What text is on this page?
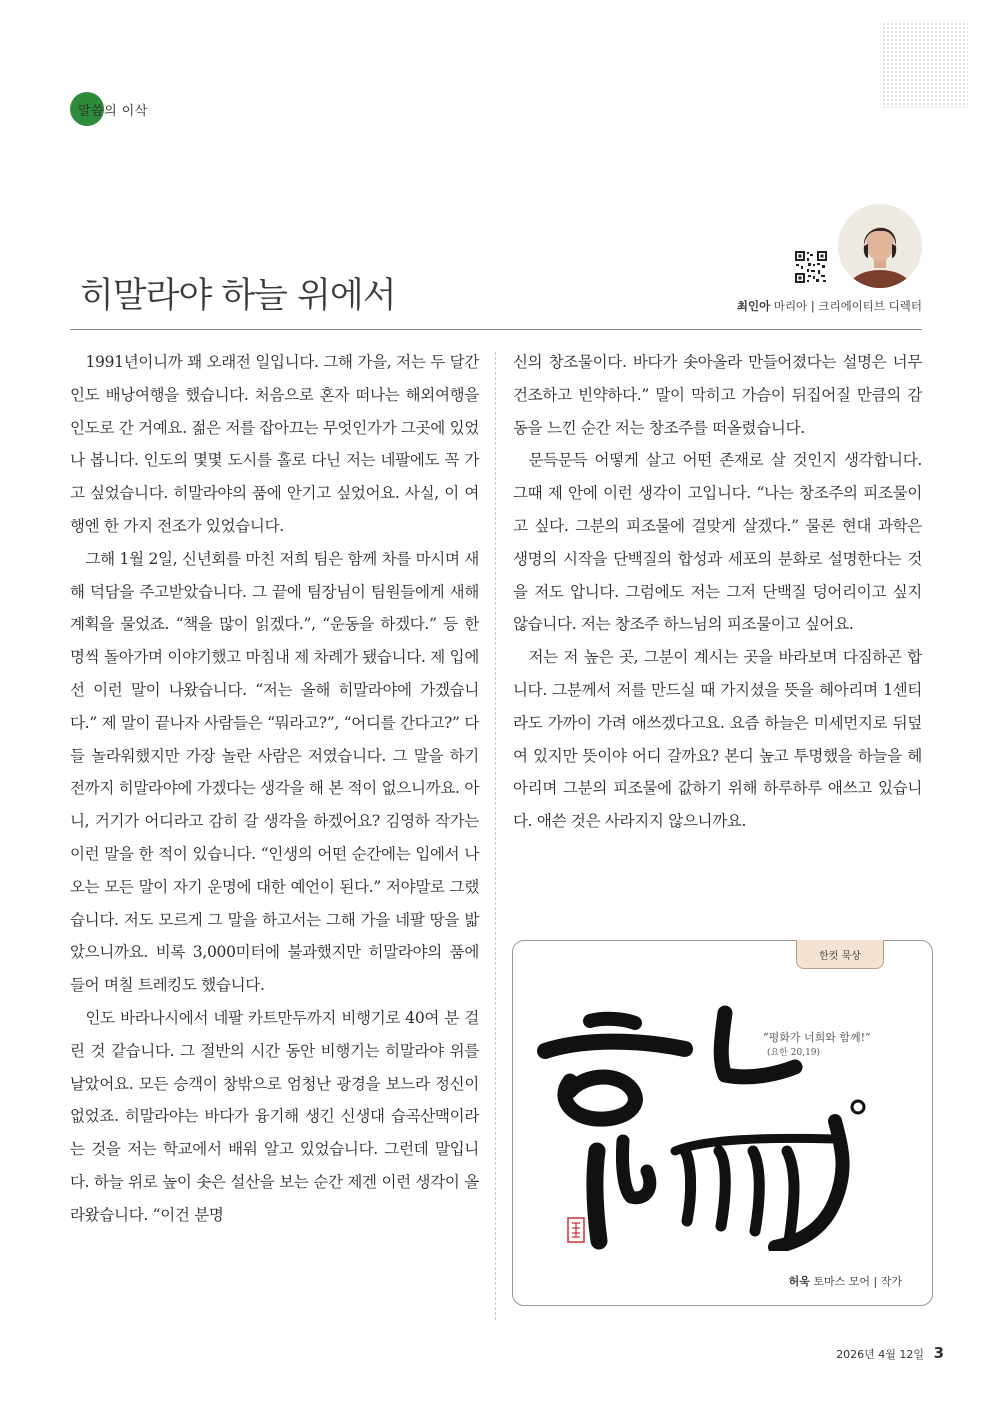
말씀의 이삭
히말라야 하늘 위에서	최인아 마리아 | 크리에이티브 디렉터

1991년이니까 꽤 오래전 일입니다. 그해 가을, 저는 두 달간 인도 배낭여행을 했습니다. 처음으로 혼자 떠나는 해외여행을 인도로 간 거예요. 젊은 저를 잡아끄는 무엇인가가 그곳에 있었나 봅니다. 인도의 몇몇 도시를 홀로 다닌 저는 네팔에도 꼭 가고 싶었습니다. 히말라야의 품에 안기고 싶었어요. 사실, 이 여행엔 한 가지 전조가 있었습니다.

그해 1월 2일, 신년회를 마친 저희 팀은 함께 차를 마시며 새해 덕담을 주고받았습니다. 그 끝에 팀장님이 팀원들에게 새해 계획을 물었죠. “책을 많이 읽겠다.”, “운동을 하겠다.” 등 한 명씩 돌아가며 이야기했고 마침내 제 차례가 됐습니다. 제 입에선 이런 말이 나왔습니다. “저는 올해 히말라야에 가겠습니다.” 제 말이 끝나자 사람들은 “뭐라고?”, “어디를 간다고?” 다들 놀라워했지만 가장 놀란 사람은 저였습니다. 그 말을 하기 전까지 히말라야에 가겠다는 생각을 해 본 적이 없으니까요. 아니, 거기가 어디라고 감히 갈 생각을 하겠어요? 김영하 작가는 이런 말을 한 적이 있습니다. “인생의 어떤 순간에는 입에서 나오는 모든 말이 자기 운명에 대한 예언이 된다.” 저야말로 그랬습니다. 저도 모르게 그 말을 하고서는 그해 가을 네팔 땅을 밟았으니까요. 비록 3,000미터에 불과했지만 히말라야의 품에 들어 며칠 트레킹도 했습니다.

인도 바라나시에서 네팔 카트만두까지 비행기로 40여 분 걸린 것 같습니다. 그 절반의 시간 동안 비행기는 히말라야 위를 날았어요. 모든 승객이 창밖으로 엄청난 광경을 보느라 정신이 없었죠. 히말라야는 바다가 융기해 생긴 신생대 습곡산맥이라는 것을 저는 학교에서 배워 알고 있었습니다. 그런데 말입니다. 하늘 위로 높이 솟은 설산을 보는 순간 제겐 이런 생각이 올라왔습니다. “이건 분명

신의 창조물이다. 바다가 솟아올라 만들어졌다는 설명은 너무 건조하고 빈약하다.” 말이 막히고 가슴이 뒤집어질 만큼의 감동을 느낀 순간 저는 창조주를 떠올렸습니다.

문득문득 어떻게 살고 어떤 존재로 살 것인지 생각합니다. 그때 제 안에 이런 생각이 고입니다. “나는 창조주의 피조물이고 싶다. 그분의 피조물에 걸맞게 살겠다.” 물론 현대 과학은 생명의 시작을 단백질의 합성과 세포의 분화로 설명한다는 것을 저도 압니다. 그럼에도 저는 그저 단백질 덩어리이고 싶지 않습니다. 저는 창조주 하느님의 피조물이고 싶어요.

저는 저 높은 곳, 그분이 계시는 곳을 바라보며 다짐하곤 합니다. 그분께서 저를 만드실 때 가지셨을 뜻을 헤아리며 1센티라도 가까이 가려 애쓰겠다고요. 요즘 하늘은 미세먼지로 뒤덮여 있지만 뜻이야 어디 갈까요? 본디 높고 투명했을 하늘을 헤아리며 그분의 피조물에 값하기 위해 하루하루 애쓰고 있습니다. 애쓴 것은 사라지지 않으니까요.

한컷 묵상
“평화가 너희와 함께!”
(요한 20,19)
허욱 토마스 모어 | 작가
2026년 4월 12일 3
